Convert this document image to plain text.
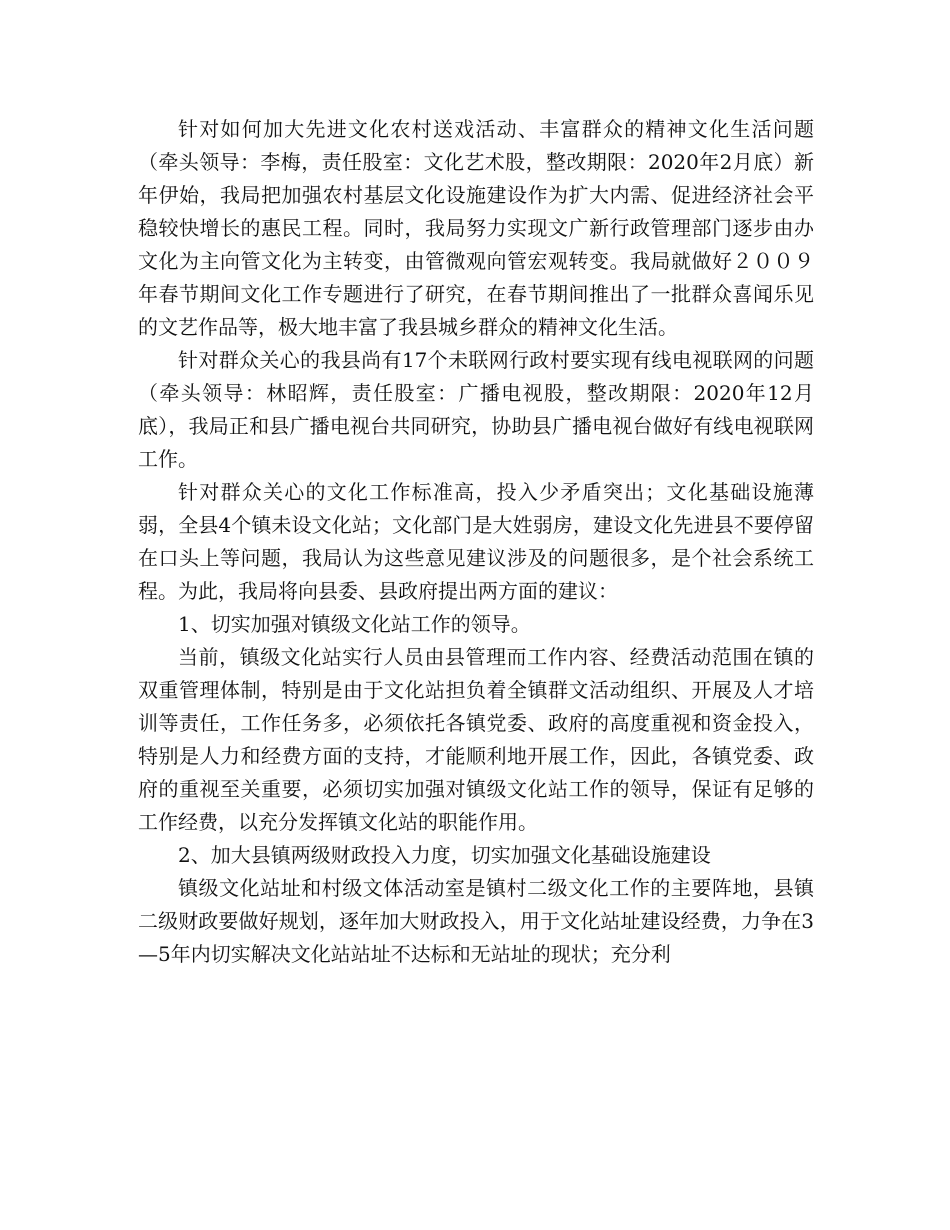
针对如何加大先进文化农村送戏活动、丰富群众的精神文化生活问题（牵头领导：李梅，责任股室：文化艺术股，整改期限：2020年2月底）新年伊始，我局把加强农村基层文化设施建设作为扩大内需、促进经济社会平稳较快增长的惠民工程。同时，我局努力实现文广新行政管理部门逐步由办文化为主向管文化为主转变，由管微观向管宏观转变。我局就做好２００９年春节期间文化工作专题进行了研究，在春节期间推出了一批群众喜闻乐见的文艺作品等，极大地丰富了我县城乡群众的精神文化生活。

针对群众关心的我县尚有17个未联网行政村要实现有线电视联网的问题（牵头领导：林昭辉，责任股室：广播电视股，整改期限：2020年12月底），我局正和县广播电视台共同研究，协助县广播电视台做好有线电视联网工作。

针对群众关心的文化工作标准高，投入少矛盾突出；文化基础设施薄弱，全县4个镇未设文化站；文化部门是大姓弱房，建设文化先进县不要停留在口头上等问题，我局认为这些意见建议涉及的问题很多，是个社会系统工程。为此，我局将向县委、县政府提出两方面的建议：

1、切实加强对镇级文化站工作的领导。

当前，镇级文化站实行人员由县管理而工作内容、经费活动范围在镇的双重管理体制，特别是由于文化站担负着全镇群文活动组织、开展及人才培训等责任，工作任务多，必须依托各镇党委、政府的高度重视和资金投入，特别是人力和经费方面的支持，才能顺利地开展工作，因此，各镇党委、政府的重视至关重要，必须切实加强对镇级文化站工作的领导，保证有足够的工作经费，以充分发挥镇文化站的职能作用。

2、加大县镇两级财政投入力度，切实加强文化基础设施建设

镇级文化站址和村级文体活动室是镇村二级文化工作的主要阵地，县镇二级财政要做好规划，逐年加大财政投入，用于文化站址建设经费，力争在3—5年内切实解决文化站站址不达标和无站址的现状；充分利
